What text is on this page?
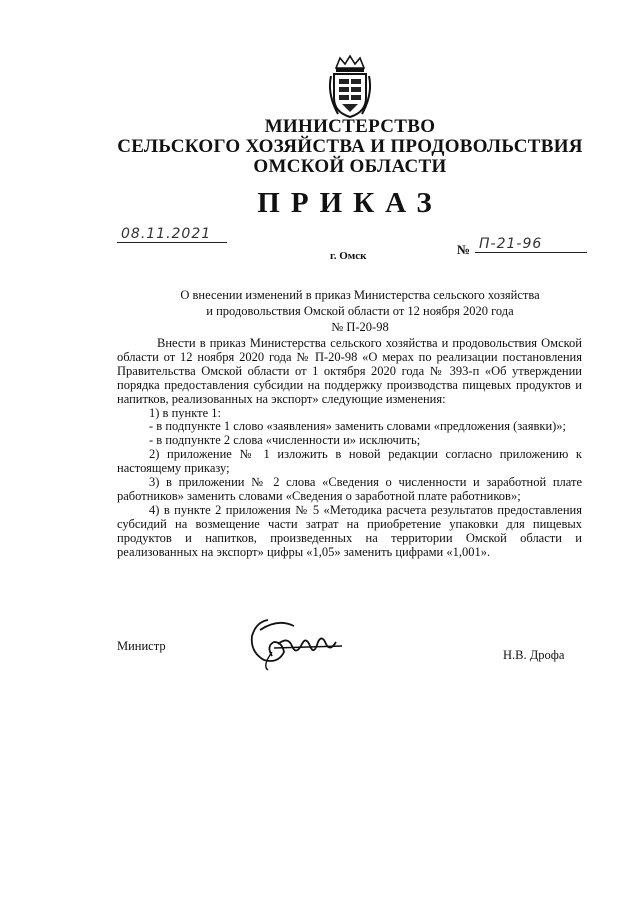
МИНИСТЕРСТВО
СЕЛЬСКОГО ХОЗЯЙСТВА И ПРОДОВОЛЬСТВИЯ
ОМСКОЙ ОБЛАСТИ
ПРИКАЗ
08.11.2021
г. Омск	№ П-21-96
О внесении изменений в приказ Министерства сельского хозяйства
и продовольствия Омской области от 12 ноября 2020 года
№ П-20-98

Внести в приказ Министерства сельского хозяйства и продовольствия Омской области от 12 ноября 2020 года № П-20-98 «О мерах по реализации постановления Правительства Омской области от 1 октября 2020 года № 393-п «Об утверждении порядка предоставления субсидии на поддержку производства пищевых продуктов и напитков, реализованных на экспорт» следующие изменения:

1) в пункте 1:

- в подпункте 1 слово «заявления» заменить словами «предложения (заявки)»;

- в подпункте 2 слова «численности и» исключить;

2) приложение № 1 изложить в новой редакции согласно приложению к настоящему приказу;

3) в приложении № 2 слова «Сведения о численности и заработной плате работников» заменить словами «Сведения о заработной плате работников»;

4) в пункте 2 приложения № 5 «Методика расчета результатов предоставления субсидий на возмещение части затрат на приобретение упаковки для пищевых продуктов и напитков, произведенных на территории Омской области и реализованных на экспорт» цифры «1,05» заменить цифрами «1,001».

Министр
Н.В. Дрофа
